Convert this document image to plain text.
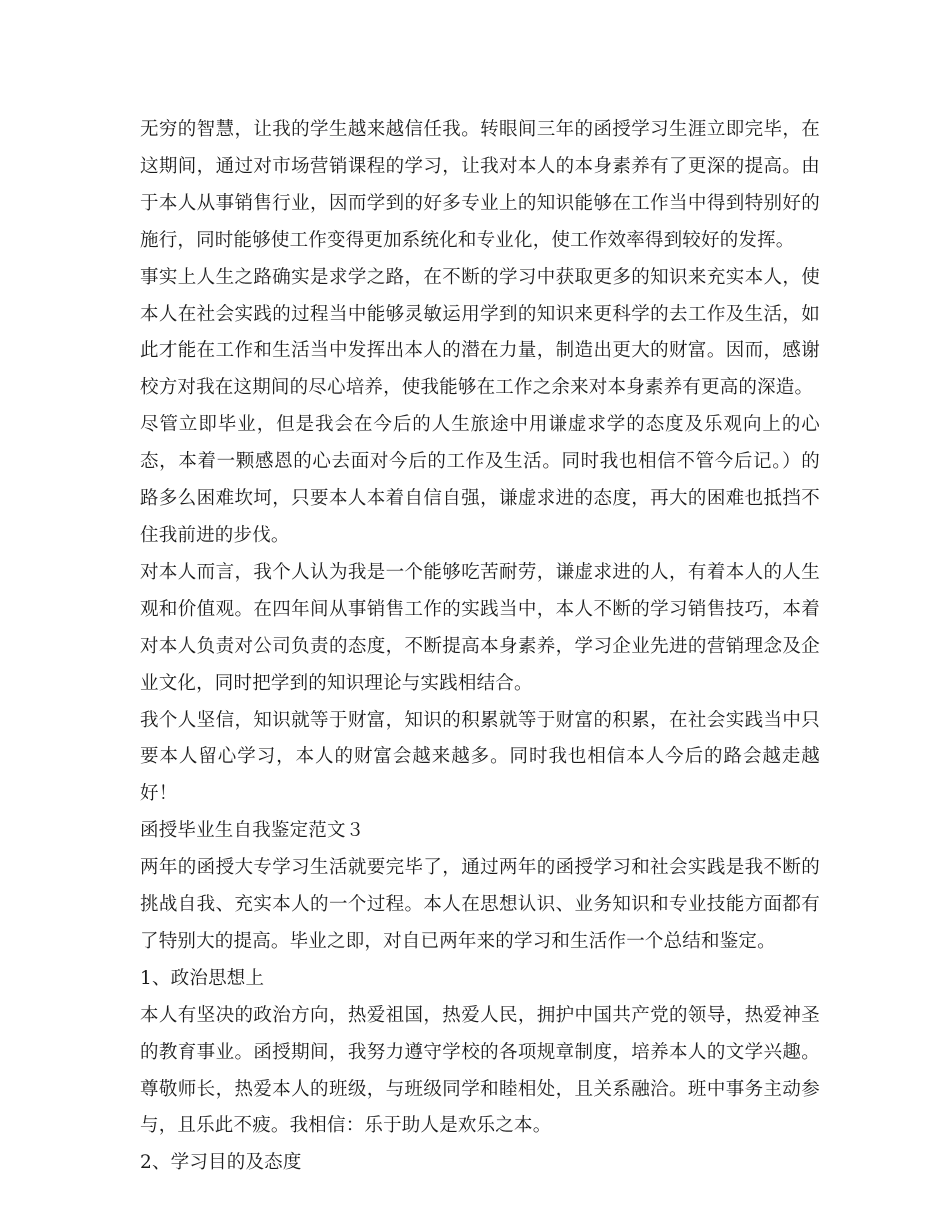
无穷的智慧，让我的学生越来越信任我。转眼间三年的函授学习生涯立即完毕，在这期间，通过对市场营销课程的学习，让我对本人的本身素养有了更深的提高。由于本人从事销售行业，因而学到的好多专业上的知识能够在工作当中得到特别好的施行，同时能够使工作变得更加系统化和专业化，使工作效率得到较好的发挥。

事实上人生之路确实是求学之路，在不断的学习中获取更多的知识来充实本人，使本人在社会实践的过程当中能够灵敏运用学到的知识来更科学的去工作及生活，如此才能在工作和生活当中发挥出本人的潜在力量，制造出更大的财富。因而，感谢校方对我在这期间的尽心培养，使我能够在工作之余来对本身素养有更高的深造。

尽管立即毕业，但是我会在今后的人生旅途中用谦虚求学的态度及乐观向上的心态，本着一颗感恩的心去面对今后的工作及生活。同时我也相信不管今后记。）的路多么困难坎坷，只要本人本着自信自强，谦虚求进的态度，再大的困难也抵挡不住我前进的步伐。

对本人而言，我个人认为我是一个能够吃苦耐劳，谦虚求进的人，有着本人的人生观和价值观。在四年间从事销售工作的实践当中，本人不断的学习销售技巧，本着对本人负责对公司负责的态度，不断提高本身素养，学习企业先进的营销理念及企业文化，同时把学到的知识理论与实践相结合。

我个人坚信，知识就等于财富，知识的积累就等于财富的积累，在社会实践当中只要本人留心学习，本人的财富会越来越多。同时我也相信本人今后的路会越走越好！

函授毕业生自我鉴定范文３

两年的函授大专学习生活就要完毕了，通过两年的函授学习和社会实践是我不断的挑战自我、充实本人的一个过程。本人在思想认识、业务知识和专业技能方面都有了特别大的提高。毕业之即，对自已两年来的学习和生活作一个总结和鉴定。

1、政治思想上

本人有坚决的政治方向，热爱祖国，热爱人民，拥护中国共产党的领导，热爱神圣的教育事业。函授期间，我努力遵守学校的各项规章制度，培养本人的文学兴趣。尊敬师长，热爱本人的班级，与班级同学和睦相处，且关系融洽。班中事务主动参与，且乐此不疲。我相信：乐于助人是欢乐之本。

2、学习目的及态度
